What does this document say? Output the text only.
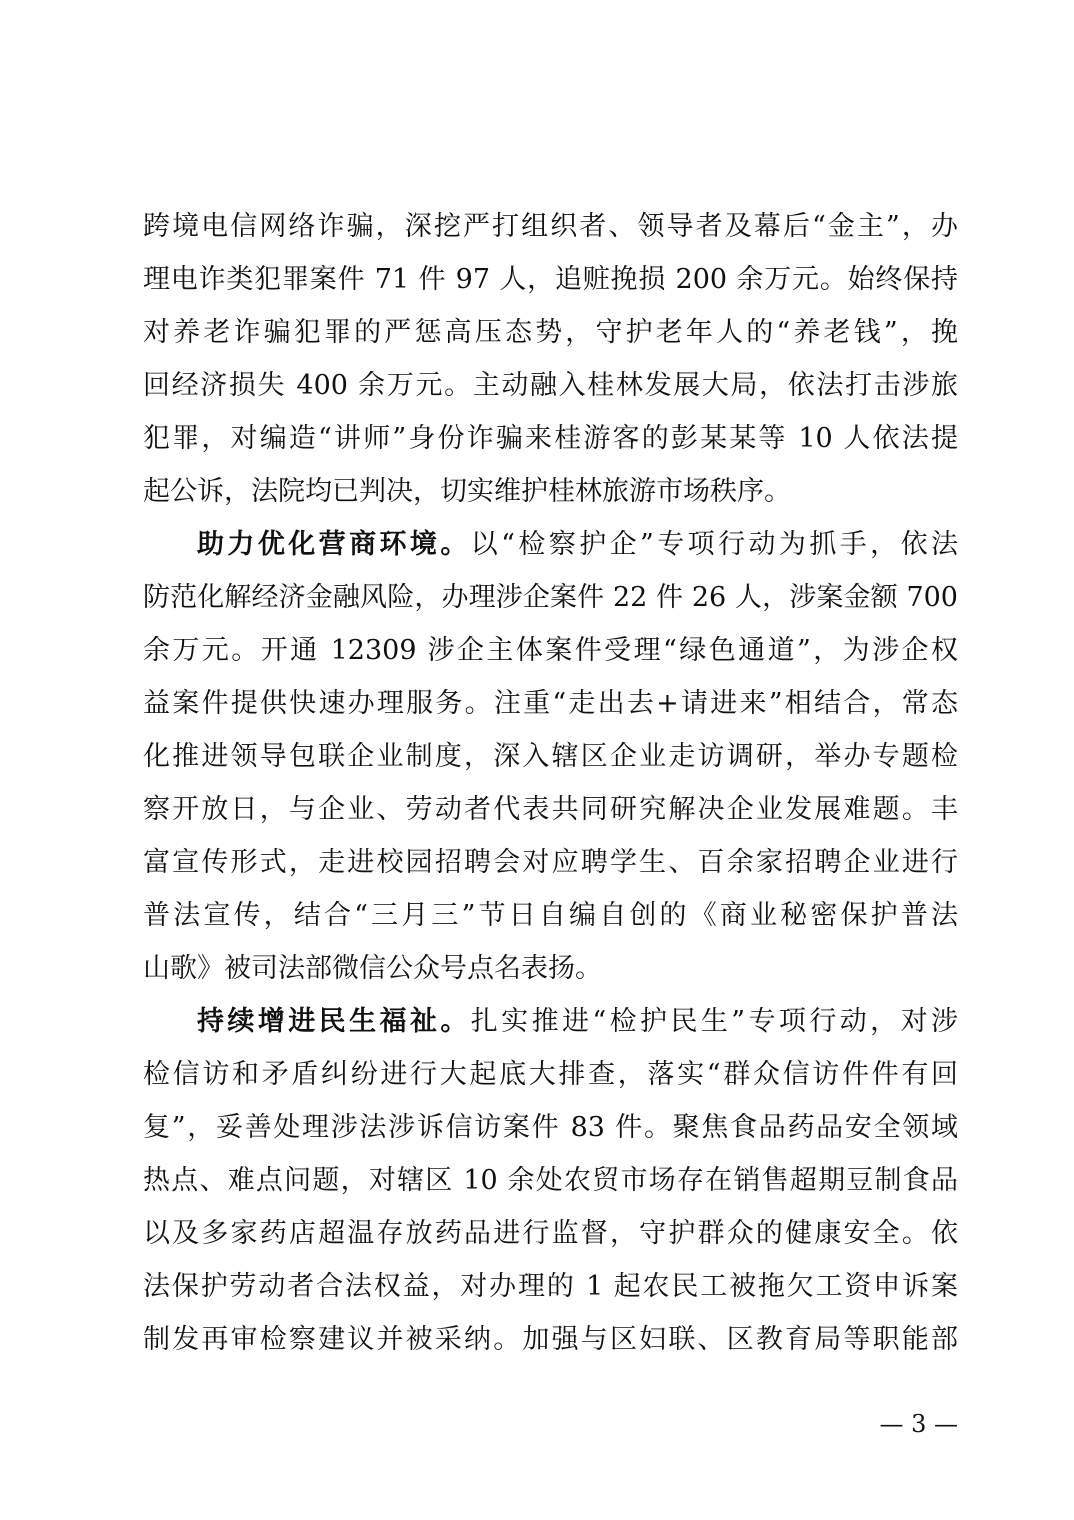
跨境电信网络诈骗，深挖严打组织者、领导者及幕后“金主”，办
理电诈类犯罪案件 71 件 97 人，追赃挽损 200 余万元。始终保持
对养老诈骗犯罪的严惩高压态势，守护老年人的“养老钱”，挽
回经济损失 400 余万元。主动融入桂林发展大局，依法打击涉旅
犯罪，对编造“讲师”身份诈骗来桂游客的彭某某等 10 人依法提
起公诉，法院均已判决，切实维护桂林旅游市场秩序。
助力优化营商环境。以“检察护企”专项行动为抓手，依法
防范化解经济金融风险，办理涉企案件 22 件 26 人，涉案金额 700
余万元。开通 12309 涉企主体案件受理“绿色通道”，为涉企权
益案件提供快速办理服务。注重“走出去+请进来”相结合，常态
化推进领导包联企业制度，深入辖区企业走访调研，举办专题检
察开放日，与企业、劳动者代表共同研究解决企业发展难题。丰
富宣传形式，走进校园招聘会对应聘学生、百余家招聘企业进行
普法宣传，结合“三月三”节日自编自创的《商业秘密保护普法
山歌》被司法部微信公众号点名表扬。
持续增进民生福祉。扎实推进“检护民生”专项行动，对涉
检信访和矛盾纠纷进行大起底大排查，落实“群众信访件件有回
复”，妥善处理涉法涉诉信访案件 83 件。聚焦食品药品安全领域
热点、难点问题，对辖区 10 余处农贸市场存在销售超期豆制食品
以及多家药店超温存放药品进行监督，守护群众的健康安全。依
法保护劳动者合法权益，对办理的 1 起农民工被拖欠工资申诉案
制发再审检察建议并被采纳。加强与区妇联、区教育局等职能部
— 3 —
